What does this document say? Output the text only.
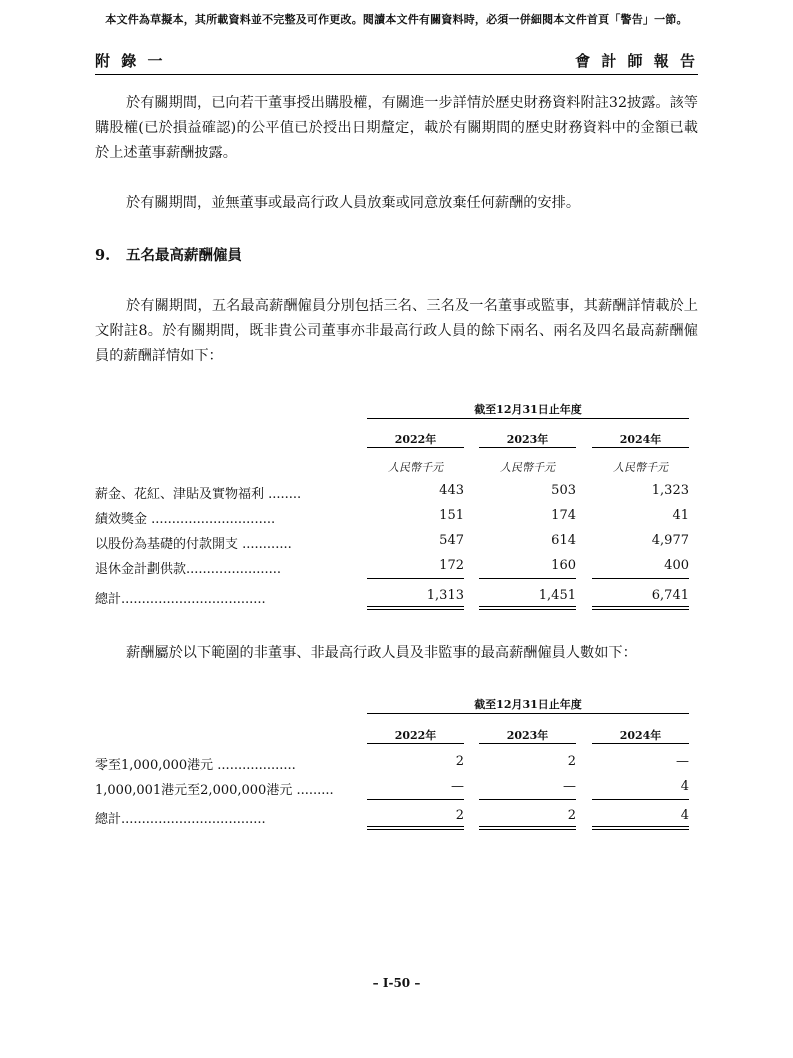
本文件為草擬本，其所載資料並不完整及可作更改。閱讀本文件有關資料時，必須一併細閱本文件首頁「警告」一節。
附 錄 一	會 計 師 報 告
於有關期間，已向若干董事授出購股權，有關進一步詳情於歷史財務資料附註32披露。該等購股權(已於損益確認)的公平值已於授出日期釐定，載於有關期間的歷史財務資料中的金額已載於上述董事薪酬披露。
於有關期間，並無董事或最高行政人員放棄或同意放棄任何薪酬的安排。
9. 五名最高薪酬僱員
於有關期間，五名最高薪酬僱員分別包括三名、三名及一名董事或監事，其薪酬詳情載於上文附註8。於有關期間，既非貴公司董事亦非最高行政人員的餘下兩名、兩名及四名最高薪酬僱員的薪酬詳情如下：
截至12月31日止年度
2022年	2023年	2024年
人民幣千元	人民幣千元	人民幣千元
薪金、花紅、津貼及實物福利 ........	443	503	1,323
績效獎金 ..............................	151	174	41
以股份為基礎的付款開支 ............	547	614	4,977
退休金計劃供款.......................	172	160	400
總計...................................	1,313	1,451	6,741
薪酬屬於以下範圍的非董事、非最高行政人員及非監事的最高薪酬僱員人數如下：
截至12月31日止年度
2022年	2023年	2024年
零至1,000,000港元 ...................	2	2	—
1,000,001港元至2,000,000港元 .........	—	—	4
總計...................................	2	2	4
– I-50 –
